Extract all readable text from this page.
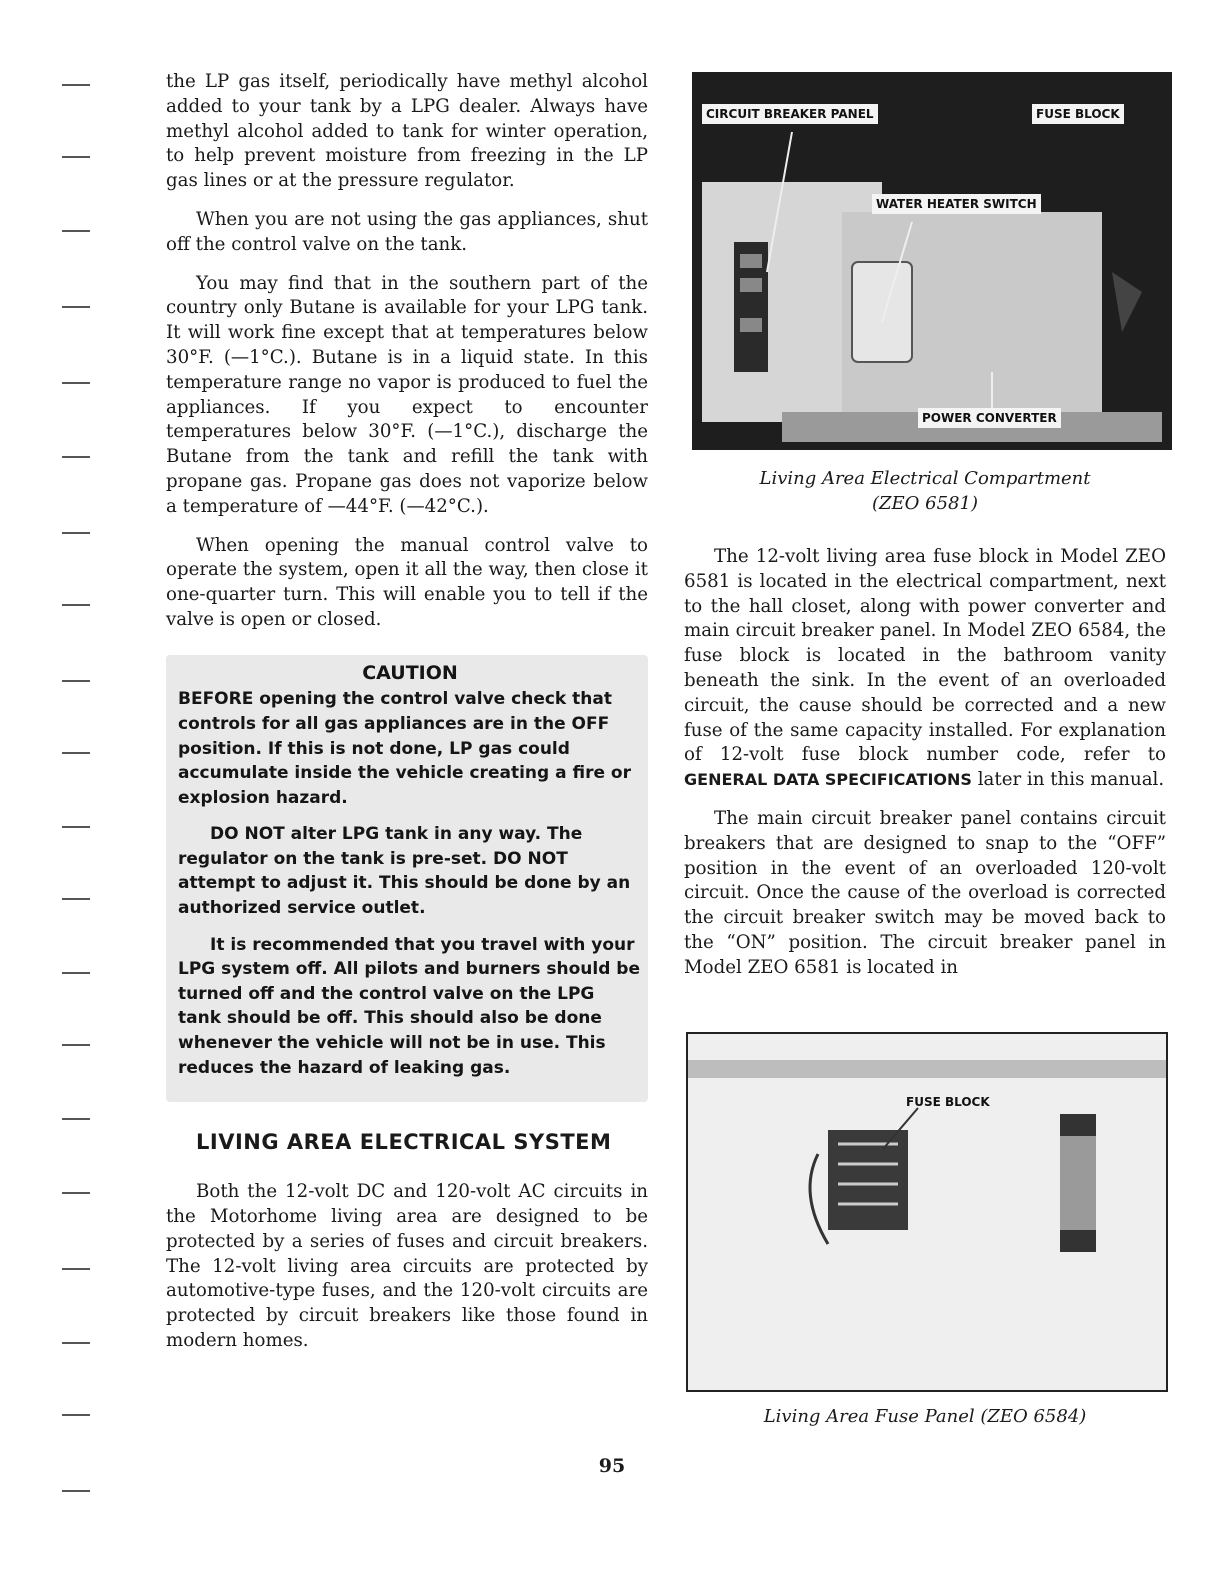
the LP gas itself, periodically have methyl alcohol added to your tank by a LPG dealer. Always have methyl alcohol added to tank for winter operation, to help prevent moisture from freezing in the LP gas lines or at the pressure regulator.

When you are not using the gas appliances, shut off the control valve on the tank.

You may find that in the southern part of the country only Butane is available for your LPG tank. It will work fine except that at temperatures below 30°F. (—1°C.). Butane is in a liquid state. In this temperature range no vapor is produced to fuel the appliances. If you expect to encounter temperatures below 30°F. (—1°C.), discharge the Butane from the tank and refill the tank with propane gas. Propane gas does not vaporize below a temperature of —44°F. (—42°C.).

When opening the manual control valve to operate the system, open it all the way, then close it one-quarter turn. This will enable you to tell if the valve is open or closed.

CAUTION

BEFORE opening the control valve check that controls for all gas appliances are in the OFF position. If this is not done, LP gas could accumulate inside the vehicle creating a fire or explosion hazard.

DO NOT alter LPG tank in any way. The regulator on the tank is pre-set. DO NOT attempt to adjust it. This should be done by an authorized service outlet.

It is recommended that you travel with your LPG system off. All pilots and burners should be turned off and the control valve on the LPG tank should be off. This should also be done whenever the vehicle will not be in use. This reduces the hazard of leaking gas.

LIVING AREA ELECTRICAL SYSTEM

Both the 12-volt DC and 120-volt AC circuits in the Motorhome living area are designed to be protected by a series of fuses and circuit breakers. The 12-volt living area circuits are protected by automotive-type fuses, and the 120-volt circuits are protected by circuit breakers like those found in modern homes.

CIRCUIT BREAKER PANEL	FUSE BLOCK
WATER HEATER SWITCH
POWER CONVERTER
Living Area Electrical Compartment
(ZEO 6581)

The 12-volt living area fuse block in Model ZEO 6581 is located in the electrical compartment, next to the hall closet, along with power converter and main circuit breaker panel. In Model ZEO 6584, the fuse block is located in the bathroom vanity beneath the sink. In the event of an overloaded circuit, the cause should be corrected and a new fuse of the same capacity installed. For explanation of 12-volt fuse block number code, refer to GENERAL DATA SPECIFICATIONS later in this manual.

The main circuit breaker panel contains circuit breakers that are designed to snap to the “OFF” position in the event of an overloaded 120-volt circuit. Once the cause of the overload is corrected the circuit breaker switch may be moved back to the “ON” position. The circuit breaker panel in Model ZEO 6581 is located in

FUSE BLOCK
Living Area Fuse Panel (ZEO 6584)
95
